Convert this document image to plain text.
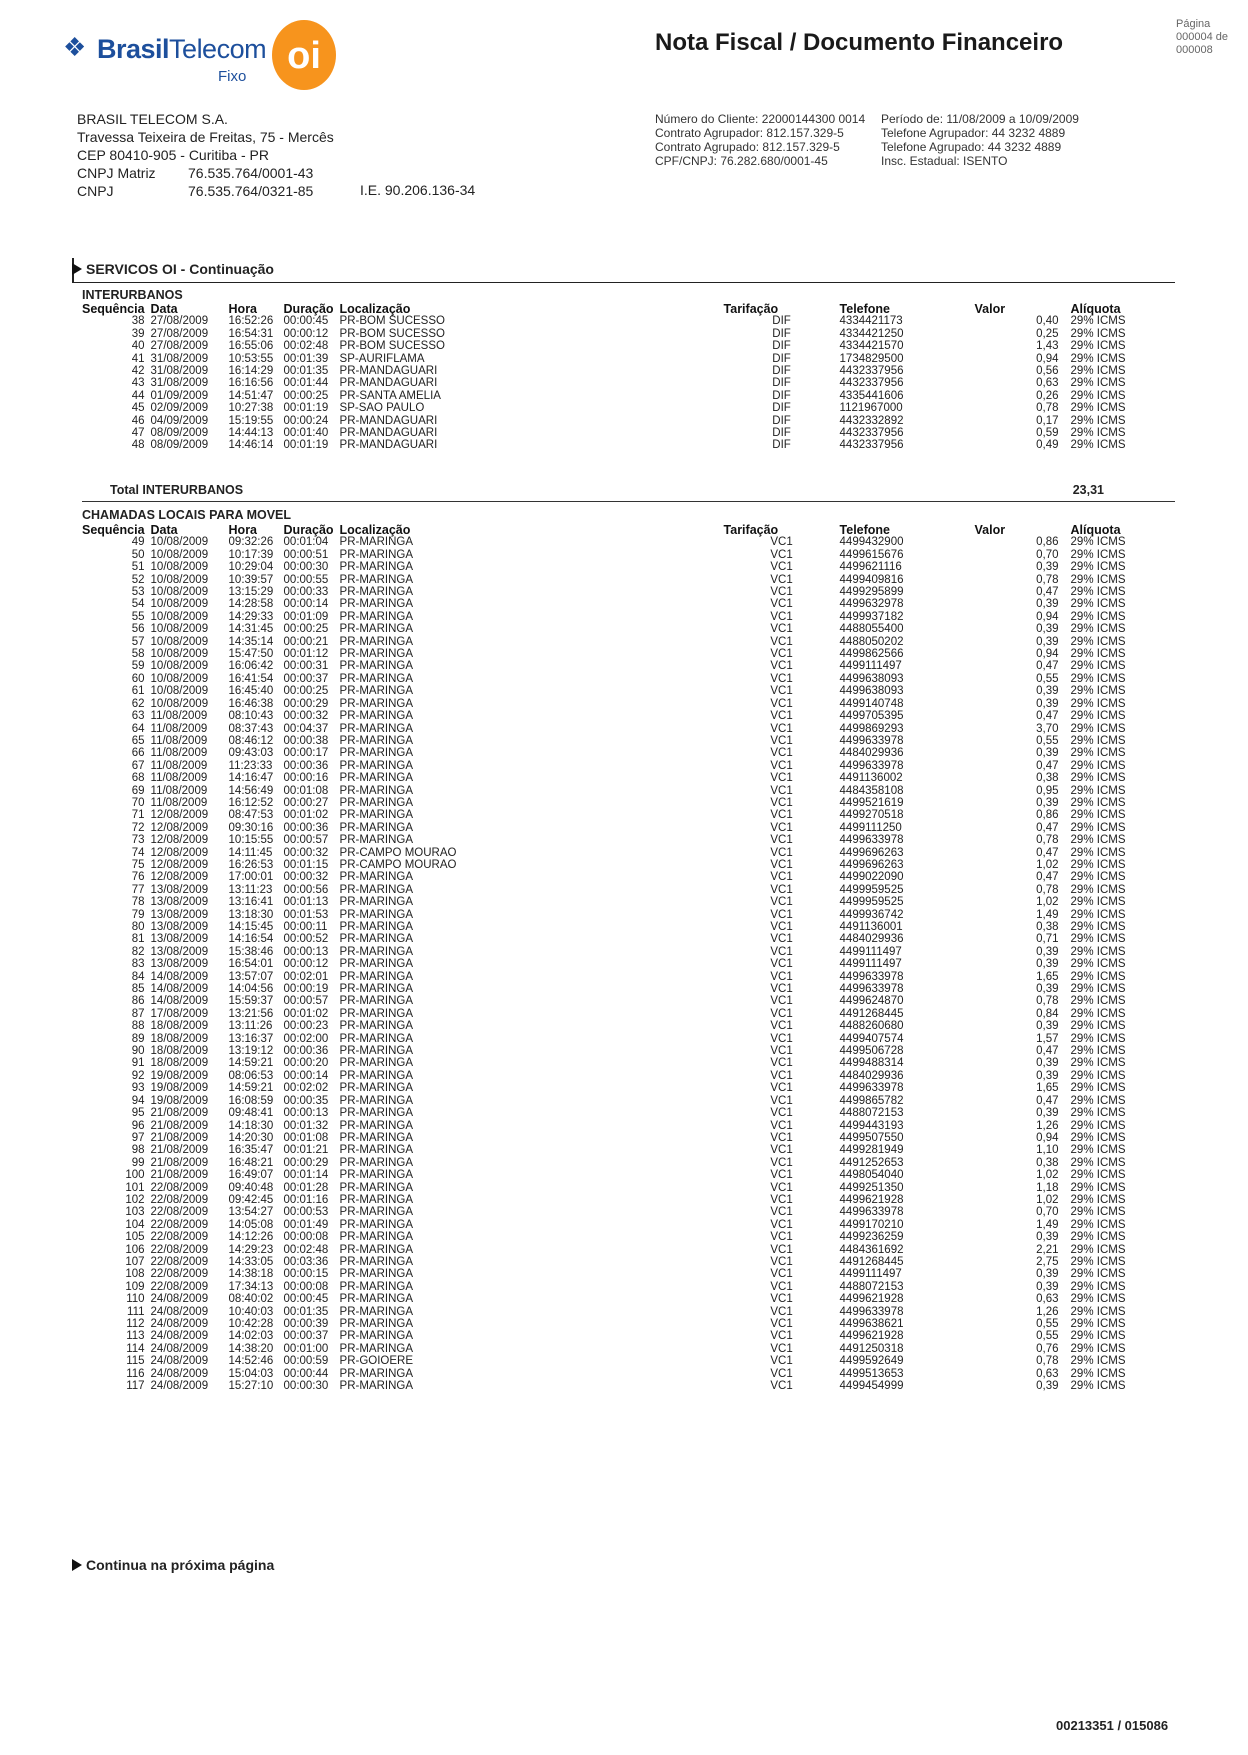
❖ BrasilTelecom
Fixo	oi	Nota Fiscal / Documento Financeiro
Página
000004 de 000008
BRASIL TELECOM S.A.
Travessa Teixeira de Freitas, 75 - Mercês
CEP 80410-905 - Curitiba - PR
CNPJ Matriz 76.535.764/0001-43
CNPJ	76.535.764/0321-85	I.E. 90.206.136-34
Número do Cliente: 22000144300 0014
Contrato Agrupador: 812.157.329-5
Contrato Agrupado: 812.157.329-5
CPF/CNPJ: 76.282.680/0001-45
Período de: 11/08/2009 a 10/09/2009
Telefone Agrupador: 44 3232 4889
Telefone Agrupado: 44 3232 4889
Insc. Estadual: ISENTO
SERVICOS OI - Continuação
INTERURBANOS
Sequência	Data	Hora	Duração	Localização	Tarifação	Telefone	Valor	Alíquota
38	27/08/2009	16:52:26	00:00:45	PR-BOM SUCESSO	DIF	4334421173	0,40	29% ICMS
39	27/08/2009	16:54:31	00:00:12	PR-BOM SUCESSO	DIF	4334421250	0,25	29% ICMS
40	27/08/2009	16:55:06	00:02:48	PR-BOM SUCESSO	DIF	4334421570	1,43	29% ICMS
41	31/08/2009	10:53:55	00:01:39	SP-AURIFLAMA	DIF	1734829500	0,94	29% ICMS
42	31/08/2009	16:14:29	00:01:35	PR-MANDAGUARI	DIF	4432337956	0,56	29% ICMS
43	31/08/2009	16:16:56	00:01:44	PR-MANDAGUARI	DIF	4432337956	0,63	29% ICMS
44	01/09/2009	14:51:47	00:00:25	PR-SANTA AMELIA	DIF	4335441606	0,26	29% ICMS
45	02/09/2009	10:27:38	00:01:19	SP-SAO PAULO	DIF	1121967000	0,78	29% ICMS
46	04/09/2009	15:19:55	00:00:24	PR-MANDAGUARI	DIF	4432332892	0,17	29% ICMS
47	08/09/2009	14:44:13	00:01:40	PR-MANDAGUARI	DIF	4432337956	0,59	29% ICMS
48	08/09/2009	14:46:14	00:01:19	PR-MANDAGUARI	DIF	4432337956	0,49	29% ICMS
Total INTERURBANOS	23,31
CHAMADAS LOCAIS PARA MOVEL
Sequência	Data	Hora	Duração	Localização	Tarifação	Telefone	Valor	Alíquota
49	10/08/2009	09:32:26	00:01:04	PR-MARINGA	VC1	4499432900	0,86	29% ICMS
50	10/08/2009	10:17:39	00:00:51	PR-MARINGA	VC1	4499615676	0,70	29% ICMS
51	10/08/2009	10:29:04	00:00:30	PR-MARINGA	VC1	4499621116	0,39	29% ICMS
52	10/08/2009	10:39:57	00:00:55	PR-MARINGA	VC1	4499409816	0,78	29% ICMS
53	10/08/2009	13:15:29	00:00:33	PR-MARINGA	VC1	4499295899	0,47	29% ICMS
54	10/08/2009	14:28:58	00:00:14	PR-MARINGA	VC1	4499632978	0,39	29% ICMS
55	10/08/2009	14:29:33	00:01:09	PR-MARINGA	VC1	4499937182	0,94	29% ICMS
56	10/08/2009	14:31:45	00:00:25	PR-MARINGA	VC1	4488055400	0,39	29% ICMS
57	10/08/2009	14:35:14	00:00:21	PR-MARINGA	VC1	4488050202	0,39	29% ICMS
58	10/08/2009	15:47:50	00:01:12	PR-MARINGA	VC1	4499862566	0,94	29% ICMS
59	10/08/2009	16:06:42	00:00:31	PR-MARINGA	VC1	4499111497	0,47	29% ICMS
60	10/08/2009	16:41:54	00:00:37	PR-MARINGA	VC1	4499638093	0,55	29% ICMS
61	10/08/2009	16:45:40	00:00:25	PR-MARINGA	VC1	4499638093	0,39	29% ICMS
62	10/08/2009	16:46:38	00:00:29	PR-MARINGA	VC1	4499140748	0,39	29% ICMS
63	11/08/2009	08:10:43	00:00:32	PR-MARINGA	VC1	4499705395	0,47	29% ICMS
64	11/08/2009	08:37:43	00:04:37	PR-MARINGA	VC1	4499869293	3,70	29% ICMS
65	11/08/2009	08:46:12	00:00:38	PR-MARINGA	VC1	4499633978	0,55	29% ICMS
66	11/08/2009	09:43:03	00:00:17	PR-MARINGA	VC1	4484029936	0,39	29% ICMS
67	11/08/2009	11:23:33	00:00:36	PR-MARINGA	VC1	4499633978	0,47	29% ICMS
68	11/08/2009	14:16:47	00:00:16	PR-MARINGA	VC1	4491136002	0,38	29% ICMS
69	11/08/2009	14:56:49	00:01:08	PR-MARINGA	VC1	4484358108	0,95	29% ICMS
70	11/08/2009	16:12:52	00:00:27	PR-MARINGA	VC1	4499521619	0,39	29% ICMS
71	12/08/2009	08:47:53	00:01:02	PR-MARINGA	VC1	4499270518	0,86	29% ICMS
72	12/08/2009	09:30:16	00:00:36	PR-MARINGA	VC1	4499111250	0,47	29% ICMS
73	12/08/2009	10:15:55	00:00:57	PR-MARINGA	VC1	4499633978	0,78	29% ICMS
74	12/08/2009	14:11:45	00:00:32	PR-CAMPO MOURAO	VC1	4499696263	0,47	29% ICMS
75	12/08/2009	16:26:53	00:01:15	PR-CAMPO MOURAO	VC1	4499696263	1,02	29% ICMS
76	12/08/2009	17:00:01	00:00:32	PR-MARINGA	VC1	4499022090	0,47	29% ICMS
77	13/08/2009	13:11:23	00:00:56	PR-MARINGA	VC1	4499959525	0,78	29% ICMS
78	13/08/2009	13:16:41	00:01:13	PR-MARINGA	VC1	4499959525	1,02	29% ICMS
79	13/08/2009	13:18:30	00:01:53	PR-MARINGA	VC1	4499936742	1,49	29% ICMS
80	13/08/2009	14:15:45	00:00:11	PR-MARINGA	VC1	4491136001	0,38	29% ICMS
81	13/08/2009	14:16:54	00:00:52	PR-MARINGA	VC1	4484029936	0,71	29% ICMS
82	13/08/2009	15:38:46	00:00:13	PR-MARINGA	VC1	4499111497	0,39	29% ICMS
83	13/08/2009	16:54:01	00:00:12	PR-MARINGA	VC1	4499111497	0,39	29% ICMS
84	14/08/2009	13:57:07	00:02:01	PR-MARINGA	VC1	4499633978	1,65	29% ICMS
85	14/08/2009	14:04:56	00:00:19	PR-MARINGA	VC1	4499633978	0,39	29% ICMS
86	14/08/2009	15:59:37	00:00:57	PR-MARINGA	VC1	4499624870	0,78	29% ICMS
87	17/08/2009	13:21:56	00:01:02	PR-MARINGA	VC1	4491268445	0,84	29% ICMS
88	18/08/2009	13:11:26	00:00:23	PR-MARINGA	VC1	4488260680	0,39	29% ICMS
89	18/08/2009	13:16:37	00:02:00	PR-MARINGA	VC1	4499407574	1,57	29% ICMS
90	18/08/2009	13:19:12	00:00:36	PR-MARINGA	VC1	4499506728	0,47	29% ICMS
91	18/08/2009	14:59:21	00:00:20	PR-MARINGA	VC1	4499488314	0,39	29% ICMS
92	19/08/2009	08:06:53	00:00:14	PR-MARINGA	VC1	4484029936	0,39	29% ICMS
93	19/08/2009	14:59:21	00:02:02	PR-MARINGA	VC1	4499633978	1,65	29% ICMS
94	19/08/2009	16:08:59	00:00:35	PR-MARINGA	VC1	4499865782	0,47	29% ICMS
95	21/08/2009	09:48:41	00:00:13	PR-MARINGA	VC1	4488072153	0,39	29% ICMS
96	21/08/2009	14:18:30	00:01:32	PR-MARINGA	VC1	4499443193	1,26	29% ICMS
97	21/08/2009	14:20:30	00:01:08	PR-MARINGA	VC1	4499507550	0,94	29% ICMS
98	21/08/2009	16:35:47	00:01:21	PR-MARINGA	VC1	4499281949	1,10	29% ICMS
99	21/08/2009	16:48:21	00:00:29	PR-MARINGA	VC1	4491252653	0,38	29% ICMS
100	21/08/2009	16:49:07	00:01:14	PR-MARINGA	VC1	4498054040	1,02	29% ICMS
101	22/08/2009	09:40:48	00:01:28	PR-MARINGA	VC1	4499251350	1,18	29% ICMS
102	22/08/2009	09:42:45	00:01:16	PR-MARINGA	VC1	4499621928	1,02	29% ICMS
103	22/08/2009	13:54:27	00:00:53	PR-MARINGA	VC1	4499633978	0,70	29% ICMS
104	22/08/2009	14:05:08	00:01:49	PR-MARINGA	VC1	4499170210	1,49	29% ICMS
105	22/08/2009	14:12:26	00:00:08	PR-MARINGA	VC1	4499236259	0,39	29% ICMS
106	22/08/2009	14:29:23	00:02:48	PR-MARINGA	VC1	4484361692	2,21	29% ICMS
107	22/08/2009	14:33:05	00:03:36	PR-MARINGA	VC1	4491268445	2,75	29% ICMS
108	22/08/2009	14:38:18	00:00:15	PR-MARINGA	VC1	4499111497	0,39	29% ICMS
109	22/08/2009	17:34:13	00:00:08	PR-MARINGA	VC1	4488072153	0,39	29% ICMS
110	24/08/2009	08:40:02	00:00:45	PR-MARINGA	VC1	4499621928	0,63	29% ICMS
111	24/08/2009	10:40:03	00:01:35	PR-MARINGA	VC1	4499633978	1,26	29% ICMS
112	24/08/2009	10:42:28	00:00:39	PR-MARINGA	VC1	4499638621	0,55	29% ICMS
113	24/08/2009	14:02:03	00:00:37	PR-MARINGA	VC1	4499621928	0,55	29% ICMS
114	24/08/2009	14:38:20	00:01:00	PR-MARINGA	VC1	4491250318	0,76	29% ICMS
115	24/08/2009	14:52:46	00:00:59	PR-GOIOERE	VC1	4499592649	0,78	29% ICMS
116	24/08/2009	15:04:03	00:00:44	PR-MARINGA	VC1	4499513653	0,63	29% ICMS
117	24/08/2009	15:27:10	00:00:30	PR-MARINGA	VC1	4499454999	0,39	29% ICMS
Continua na próxima página
00213351 / 015086
